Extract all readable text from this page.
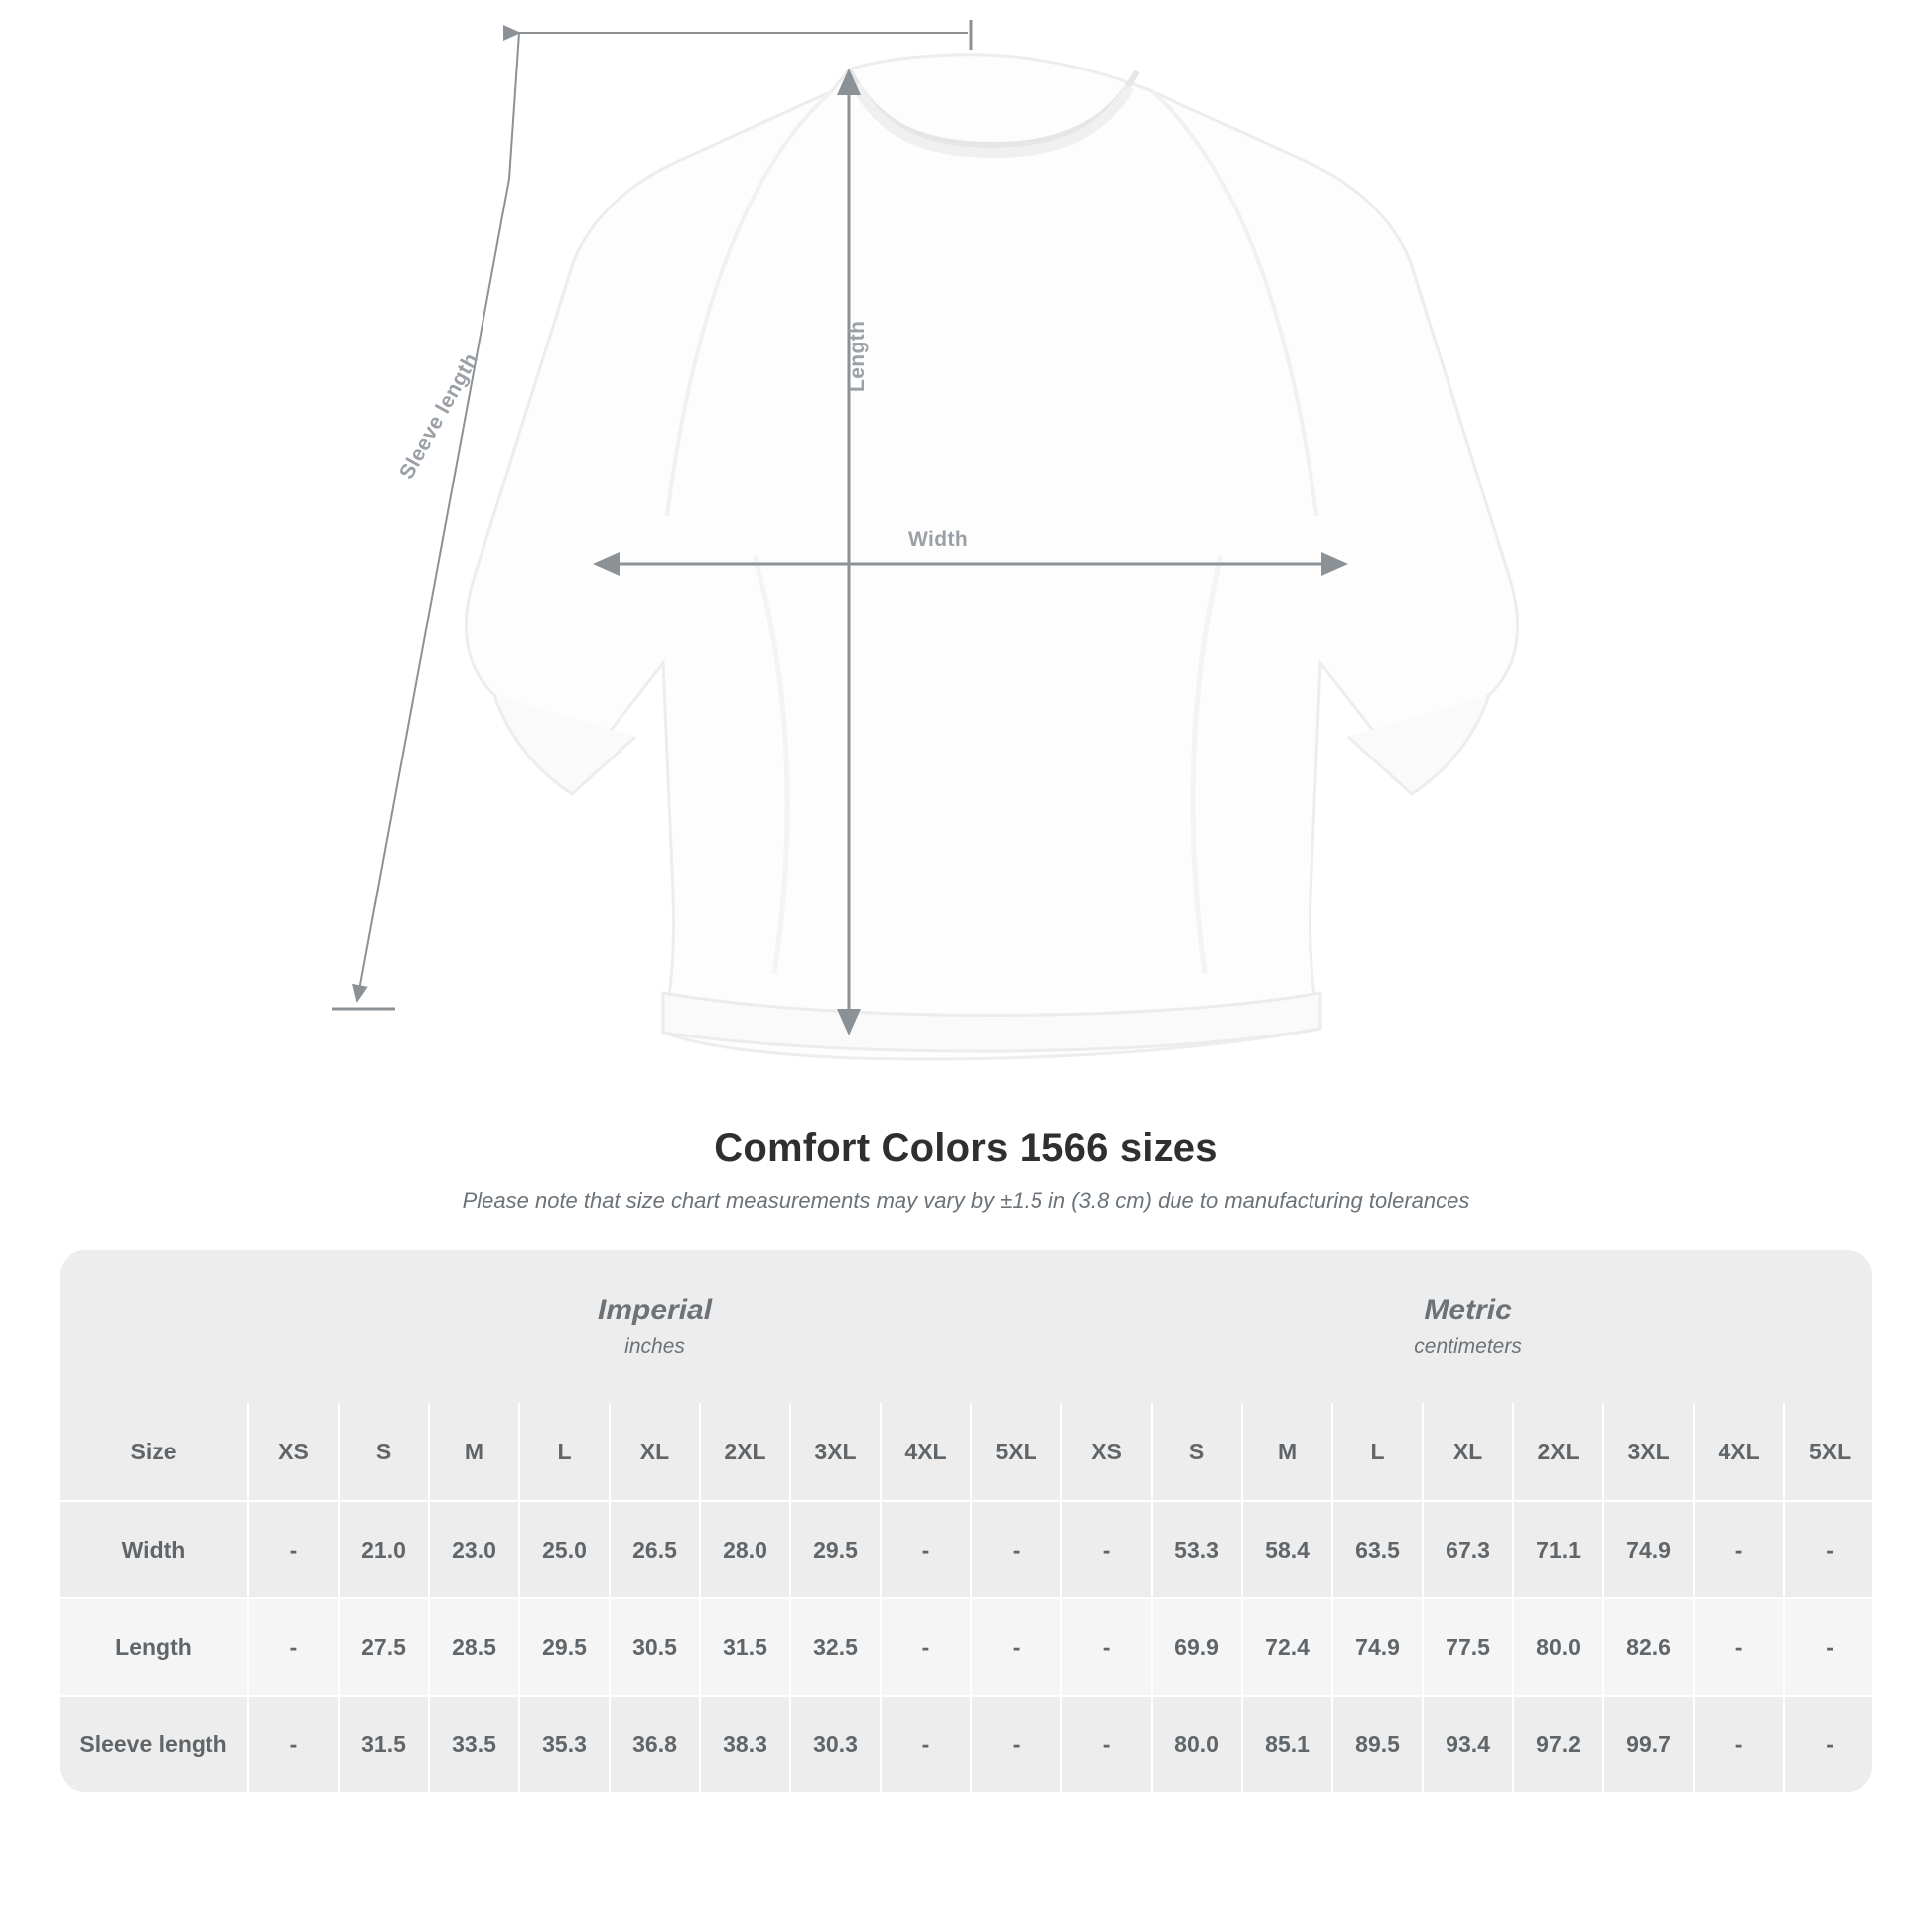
Width
Length
Sleeve length
Comfort Colors 1566 sizes
Please note that size chart measurements may vary by ±1.5 in (3.8 cm) due to manufacturing tolerances

Imperial
inches

Metric
centimeters

Size	XS	S	M	L	XL	2XL	3XL	4XL	5XL	XS	S	M	L	XL	2XL	3XL	4XL	5XL
Width	-	21.0	23.0	25.0	26.5	28.0	29.5	-	-	-	53.3	58.4	63.5	67.3	71.1	74.9	-	-
Length	-	27.5	28.5	29.5	30.5	31.5	32.5	-	-	-	69.9	72.4	74.9	77.5	80.0	82.6	-	-
Sleeve length	-	31.5	33.5	35.3	36.8	38.3	30.3	-	-	-	80.0	85.1	89.5	93.4	97.2	99.7	-	-
